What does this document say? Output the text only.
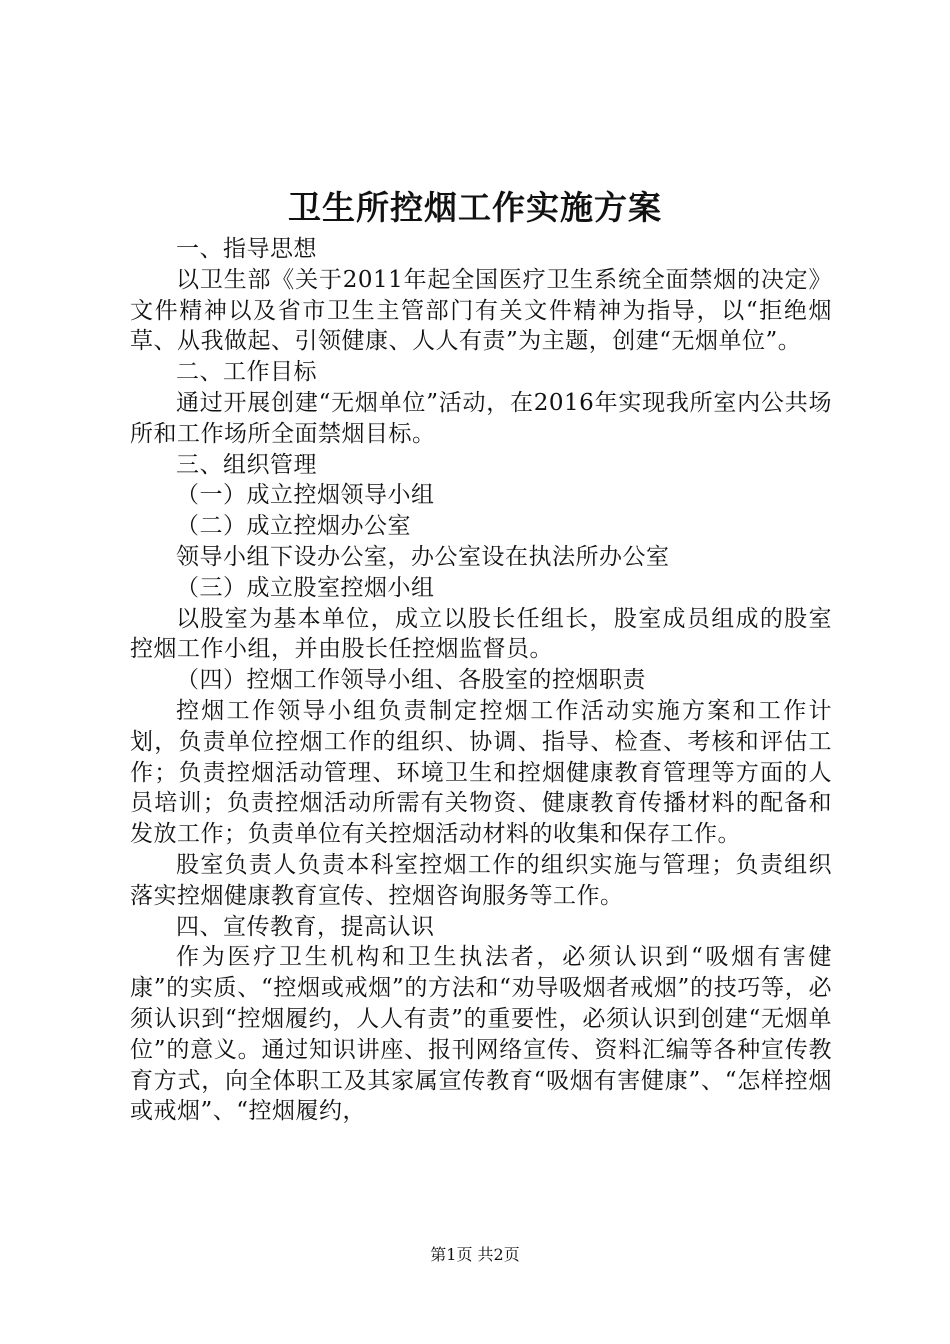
卫生所控烟工作实施方案

一、指导思想

以卫生部《关于2011年起全国医疗卫生系统全面禁烟的决定》文件精神以及省市卫生主管部门有关文件精神为指导，以“拒绝烟草、从我做起、引领健康、人人有责”为主题，创建“无烟单位”。

二、工作目标

通过开展创建“无烟单位”活动，在2016年实现我所室内公共场所和工作场所全面禁烟目标。

三、组织管理

（一）成立控烟领导小组

（二）成立控烟办公室

领导小组下设办公室，办公室设在执法所办公室

（三）成立股室控烟小组

以股室为基本单位，成立以股长任组长，股室成员组成的股室控烟工作小组，并由股长任控烟监督员。

（四）控烟工作领导小组、各股室的控烟职责

控烟工作领导小组负责制定控烟工作活动实施方案和工作计划，负责单位控烟工作的组织、协调、指导、检查、考核和评估工作；负责控烟活动管理、环境卫生和控烟健康教育管理等方面的人员培训；负责控烟活动所需有关物资、健康教育传播材料的配备和发放工作；负责单位有关控烟活动材料的收集和保存工作。

股室负责人负责本科室控烟工作的组织实施与管理；负责组织落实控烟健康教育宣传、控烟咨询服务等工作。

四、宣传教育，提高认识

作为医疗卫生机构和卫生执法者，必须认识到“吸烟有害健康”的实质、“控烟或戒烟”的方法和“劝导吸烟者戒烟”的技巧等，必须认识到“控烟履约，人人有责”的重要性，必须认识到创建“无烟单位”的意义。通过知识讲座、报刊网络宣传、资料汇编等各种宣传教育方式，向全体职工及其家属宣传教育“吸烟有害健康”、“怎样控烟或戒烟”、“控烟履约，

第1页 共2页
